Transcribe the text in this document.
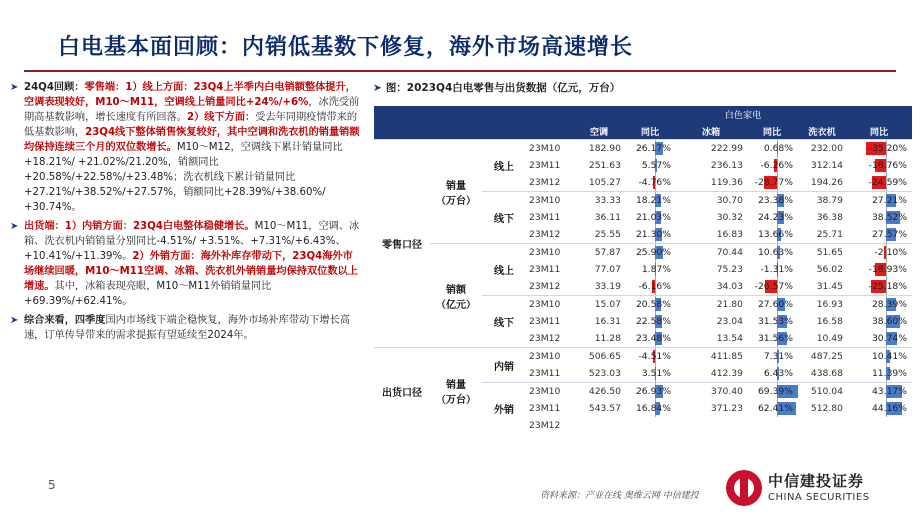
白电基本面回顾：内销低基数下修复，海外市场高速增长

➤ 24Q4回顾：零售端：1）线上方面：23Q4上半季内白电销额整体提升，空调表现较好，M10～M11，空调线上销量同比+24%/+6%，冰洗受前期高基数影响，增长速度有所回落。2）线下方面：受去年同期疫情带来的低基数影响，23Q4线下整体销售恢复较好，其中空调和洗衣机的销量销额均保持连续三个月的双位数增长。M10～M12，空调线下累计销量同比+18.21%/ +21.02%/21.20%，销额同比+20.58%/+22.58%/+23.48%；洗衣机线下累计销量同比+27.21%/+38.52%/+27.57%，销额同比+28.39%/+38.60%/ +30.74%。

➤ 出货端：1）内销方面：23Q4白电整体稳健增长。M10～M11，空调、冰箱、洗衣机内销销量分别同比-4.51%/ +3.51%、+7.31%/+6.43%、+10.41%/+11.39%。2）外销方面：海外补库存带动下，23Q4海外市场继续回暖，M10～M11空调、冰箱、洗衣机外销销量均保持双位数以上增速。其中，冰箱表现亮眼，M10～M11外销销量同比+69.39%/+62.41%。

➤ 综合来看，四季度国内市场线下端企稳恢复，海外市场补库带动下增长高速，订单传导带来的需求提振有望延续至2024年。

➤ 图：2023Q4白电零售与出货数据（亿元，万台）
				白色家电					
				空调	同比	冰箱	同比	洗衣机	同比
零售口径	销量
（万台）	线上	23M10	182.90	26.17%	222.99	0.68%	232.00	-35.20%

			23M11	251.63	5.57%	236.13	-6.26%	312.14	-18.76%

			23M12	105.27	-4.76%	119.36	-28.77%	194.26	-24.59%

		线下	23M10	33.33	18.21%	30.70	23.38%	38.79	27.21%

			23M11	36.11	21.03%	30.32	24.23%	36.38	38.52%

			23M12	25.55	21.30%	16.83	13.66%	25.71	27.57%

	销额
（亿元）	线上	23M10	57.87	25.90%	70.44	10.63%	51.65	-2.10%

			23M11	77.07	1.87%	75.23	-1.31%	56.02	-18.93%

			23M12	33.19	-6.16%	34.03	-26.57%	31.45	-25.18%

		线下	23M10	15.07	20.58%	21.80	27.60%	16.93	28.39%

			23M11	16.31	22.58%	23.04	31.53%	16.58	38.60%

			23M12	11.28	23.48%	13.54	31.56%	10.49	30.74%

出货口径	销量
（万台）	内销	23M10	506.65	-4.51%	411.85	7.31%	487.25	10.41%

			23M11	523.03	3.51%	412.39	6.43%	438.68	11.39%

		外销	23M10	426.50	26.93%	370.40	69.39%	510.04	43.17%

			23M11	543.57	16.84%	371.23	62.41%	512.80	44.16%

			23M12		

5
资料来源：产业在线 奥维云网 中信建投
中信建投证券
CHINA SECURITIES
